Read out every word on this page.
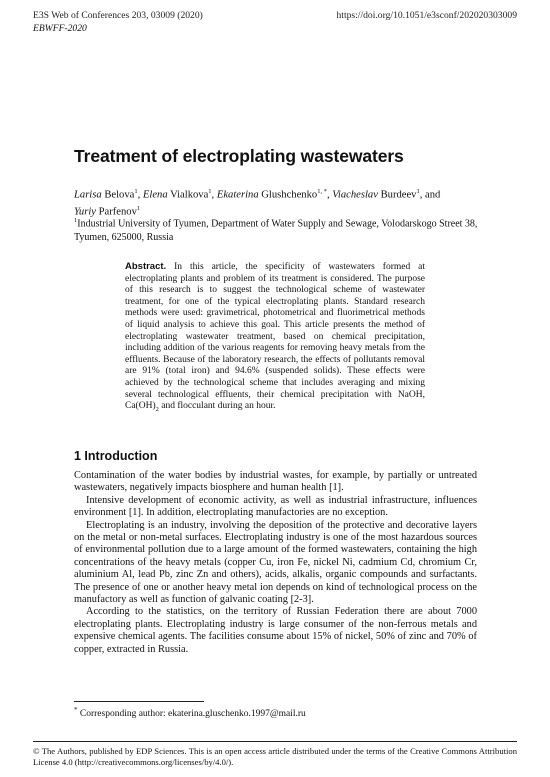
E3S Web of Conferences 203, 03009 (2020)	https://doi.org/10.1051/e3sconf/202020303009
EBWFF-2020
Treatment of electroplating wastewaters
Larisa Belova$^1$, Elena Vialkova$^1$, Ekaterina Glushchenko$^{1, *}$, Viacheslav Burdeev$^1$, and
Yuriy Parfenov$^1$
$^1$Industrial University of Tyumen, Department of Water Supply and Sewage, Volodarskogo Street 38, Tyumen, 625000, Russia
Abstract. In this article, the specificity of wastewaters formed at electroplating plants and problem of its treatment is considered. The purpose of this research is to suggest the technological scheme of wastewater treatment, for one of the typical electroplating plants. Standard research methods were used: gravimetrical, photometrical and fluorimetrical methods of liquid analysis to achieve this goal. This article presents the method of electroplating wastewater treatment, based on chemical precipitation, including addition of the various reagents for removing heavy metals from the effluents. Because of the laboratory research, the effects of pollutants removal are 91% (total iron) and 94.6% (suspended solids). These effects were achieved by the technological scheme that includes averaging and mixing several technological effluents, their chemical precipitation with NaOH, $Ca(OH)_2$ and flocculant during an hour.
1 Introduction

Contamination of the water bodies by industrial wastes, for example, by partially or untreated wastewaters, negatively impacts biosphere and human health [1].

Intensive development of economic activity, as well as industrial infrastructure, influences environment [1]. In addition, electroplating manufactories are no exception.

Electroplating is an industry, involving the deposition of the protective and decorative layers on the metal or non-metal surfaces. Electroplating industry is one of the most hazardous sources of environmental pollution due to a large amount of the formed wastewaters, containing the high concentrations of the heavy metals (copper Cu, iron Fe, nickel Ni, cadmium Cd, chromium Cr, aluminium Al, lead Pb, zinc Zn and others), acids, alkalis, organic compounds and surfactants. The presence of one or another heavy metal ion depends on kind of technological process on the manufactory as well as function of galvanic coating [2-3].

According to the statistics, on the territory of Russian Federation there are about 7000 electroplating plants. Electroplating industry is large consumer of the non-ferrous metals and expensive chemical agents. The facilities consume about 15% of nickel, 50% of zinc and 70% of copper, extracted in Russia.

* Corresponding author: ekaterina.gluschenko.1997@mail.ru
© The Authors, published by EDP Sciences. This is an open access article distributed under the terms of the Creative Commons Attribution License 4.0 (http://creativecommons.org/licenses/by/4.0/).
